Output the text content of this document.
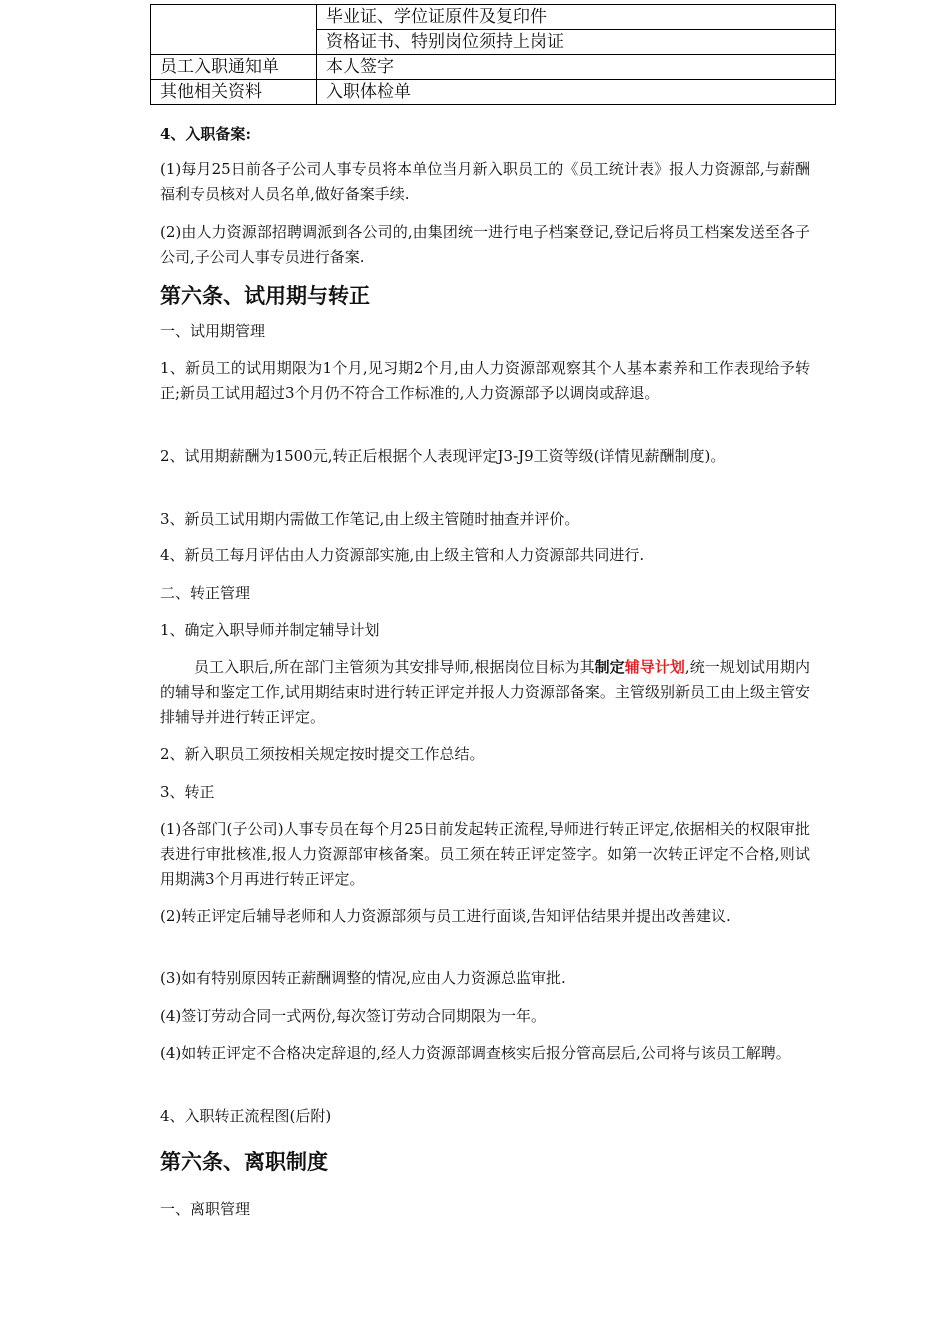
	毕业证、学位证原件及复印件
	资格证书、特别岗位须持上岗证
员工入职通知单	本人签字
其他相关资料	入职体检单
4、入职备案:
(1)每月25日前各子公司人事专员将本单位当月新入职员工的《员工统计表》报人力资源部,与薪酬福利专员核对人员名单,做好备案手续.
(2)由人力资源部招聘调派到各公司的,由集团统一进行电子档案登记,登记后将员工档案发送至各子公司,子公司人事专员进行备案.
第六条、试用期与转正
一、试用期管理
1、新员工的试用期限为1个月,见习期2个月,由人力资源部观察其个人基本素养和工作表现给予转正;新员工试用超过3个月仍不符合工作标准的,人力资源部予以调岗或辞退。
2、试用期薪酬为1500元,转正后根据个人表现评定J3-J9工资等级(详情见薪酬制度)。
3、新员工试用期内需做工作笔记,由上级主管随时抽查并评价。
4、新员工每月评估由人力资源部实施,由上级主管和人力资源部共同进行.
二、转正管理
1、确定入职导师并制定辅导计划
员工入职后,所在部门主管须为其安排导师,根据岗位目标为其制定辅导计划,统一规划试用期内的辅导和鉴定工作,试用期结束时进行转正评定并报人力资源部备案。主管级别新员工由上级主管安排辅导并进行转正评定。
2、新入职员工须按相关规定按时提交工作总结。
3、转正
(1)各部门(子公司)人事专员在每个月25日前发起转正流程,导师进行转正评定,依据相关的权限审批表进行审批核准,报人力资源部审核备案。员工须在转正评定签字。如第一次转正评定不合格,则试用期满3个月再进行转正评定。
(2)转正评定后辅导老师和人力资源部须与员工进行面谈,告知评估结果并提出改善建议.
(3)如有特别原因转正薪酬调整的情况,应由人力资源总监审批.
(4)签订劳动合同一式两份,每次签订劳动合同期限为一年。
(4)如转正评定不合格决定辞退的,经人力资源部调查核实后报分管高层后,公司将与该员工解聘。
4、入职转正流程图(后附)
第六条、离职制度
一、离职管理
